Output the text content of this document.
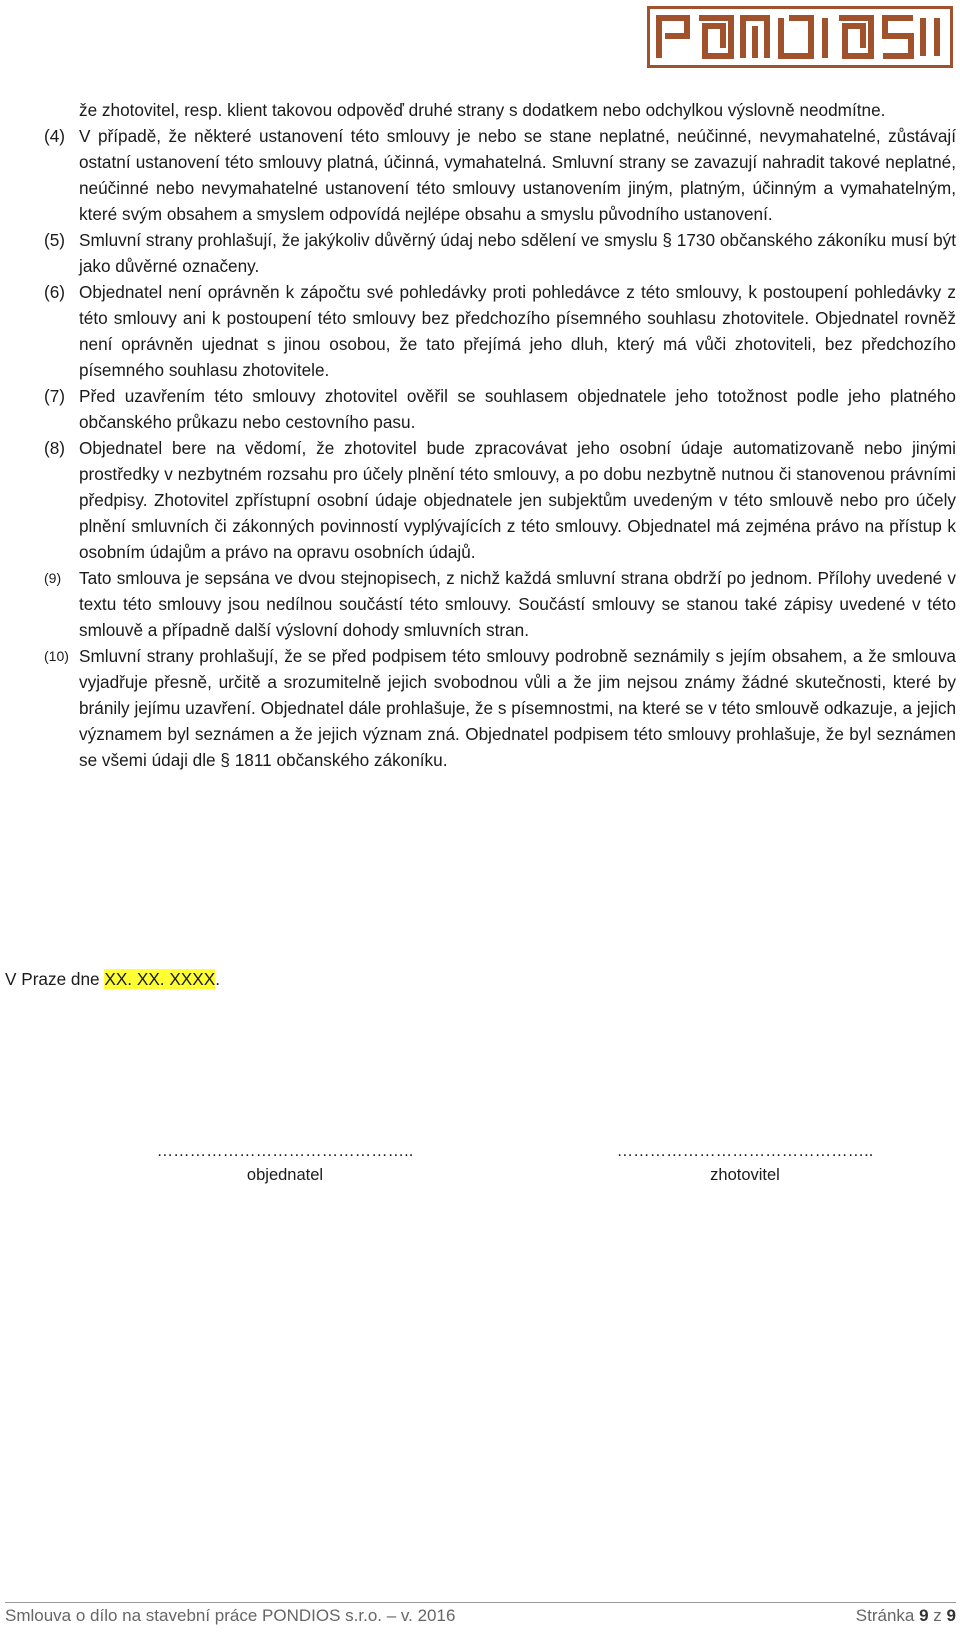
že zhotovitel, resp. klient takovou odpověď druhé strany s dodatkem nebo odchylkou výslovně neodmítne.

(4) V případě, že některé ustanovení této smlouvy je nebo se stane neplatné, neúčinné, nevymahatelné, zůstávají ostatní ustanovení této smlouvy platná, účinná, vymahatelná. Smluvní strany se zavazují nahradit takové neplatné, neúčinné nebo nevymahatelné ustanovení této smlouvy ustanovením jiným, platným, účinným a vymahatelným, které svým obsahem a smyslem odpovídá nejlépe obsahu a smyslu původního ustanovení.

(5) Smluvní strany prohlašují, že jakýkoliv důvěrný údaj nebo sdělení ve smyslu § 1730 občanského zákoníku musí být jako důvěrné označeny.

(6) Objednatel není oprávněn k zápočtu své pohledávky proti pohledávce z této smlouvy, k postoupení pohledávky z této smlouvy ani k postoupení této smlouvy bez předchozího písemného souhlasu zhotovitele. Objednatel rovněž není oprávněn ujednat s jinou osobou, že tato přejímá jeho dluh, který má vůči zhotoviteli, bez předchozího písemného souhlasu zhotovitele.

(7) Před uzavřením této smlouvy zhotovitel ověřil se souhlasem objednatele jeho totožnost podle jeho platného občanského průkazu nebo cestovního pasu.

(8) Objednatel bere na vědomí, že zhotovitel bude zpracovávat jeho osobní údaje automatizovaně nebo jinými prostředky v nezbytném rozsahu pro účely plnění této smlouvy, a po dobu nezbytně nutnou či stanovenou právními předpisy. Zhotovitel zpřístupní osobní údaje objednatele jen subjektům uvedeným v této smlouvě nebo pro účely plnění smluvních či zákonných povinností vyplývajících z této smlouvy. Objednatel má zejména právo na přístup k osobním údajům a právo na opravu osobních údajů.

(9) Tato smlouva je sepsána ve dvou stejnopisech, z nichž každá smluvní strana obdrží po jednom. Přílohy uvedené v textu této smlouvy jsou nedílnou součástí této smlouvy. Součástí smlouvy se stanou také zápisy uvedené v této smlouvě a případně další výslovní dohody smluvních stran.

(10) Smluvní strany prohlašují, že se před podpisem této smlouvy podrobně seznámily s jejím obsahem, a že smlouva vyjadřuje přesně, určitě a srozumitelně jejich svobodnou vůli a že jim nejsou známy žádné skutečnosti, které by bránily jejímu uzavření. Objednatel dále prohlašuje, že s písemnostmi, na které se v této smlouvě odkazuje, a jejich významem byl seznámen a že jejich význam zná. Objednatel podpisem této smlouvy prohlašuje, že byl seznámen se všemi údaji dle § 1811 občanského zákoníku.

V Praze dne XX. XX. XXXX.
………………………………………..
objednatel
………………………………………..
zhotovitel
Smlouva o dílo na stavební práce PONDIOS s.r.o. – v. 2016	Stránka 9 z 9
